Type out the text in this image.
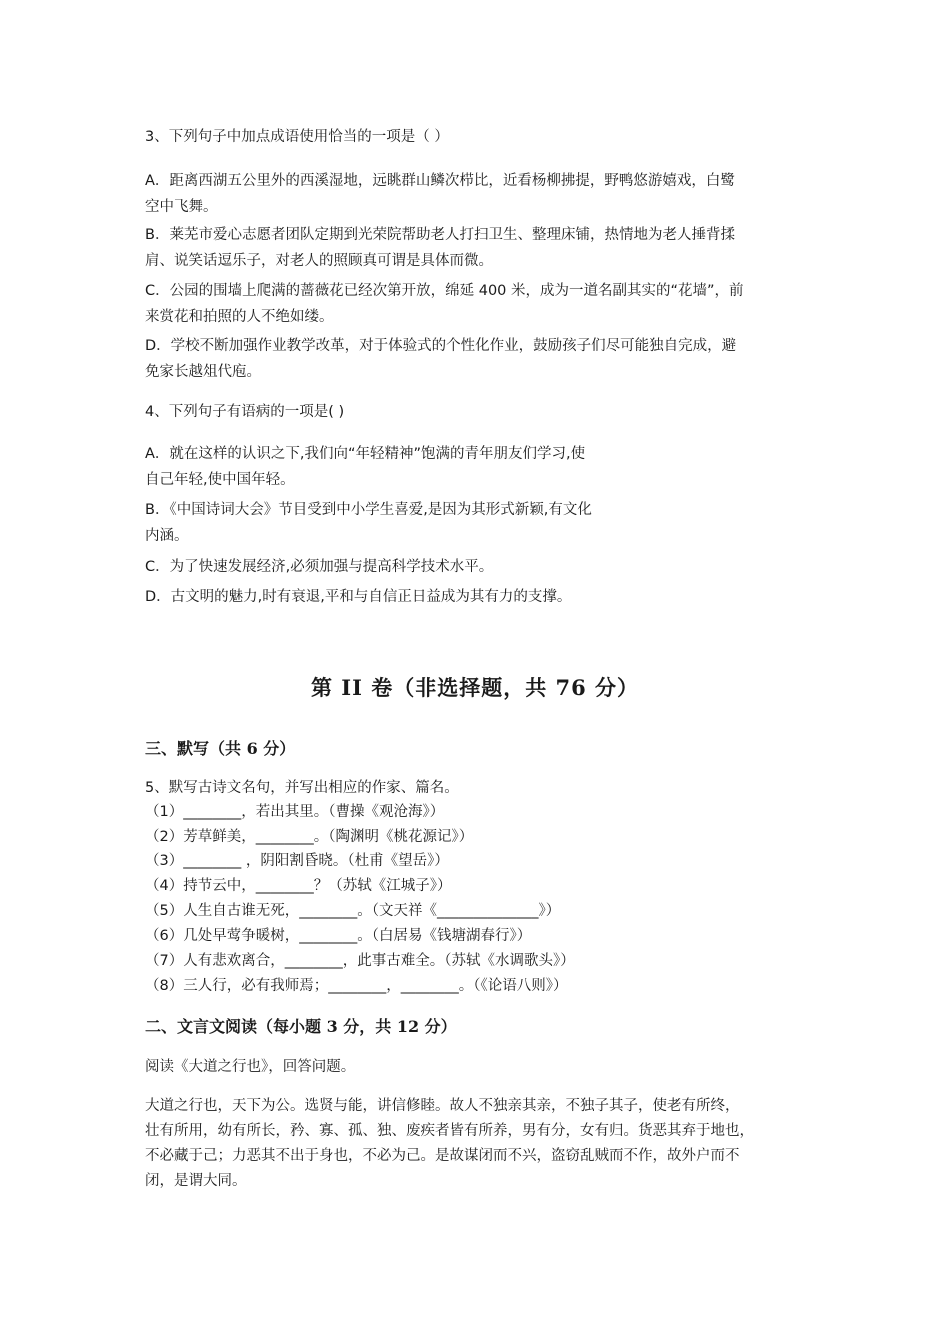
3、下列句子中加点成语使用恰当的一项是（ ）
A．距离西湖五公里外的西溪湿地，远眺群山鳞次栉比，近看杨柳拂提，野鸭悠游嬉戏，白鹭
空中飞舞。
B．莱芜市爱心志愿者团队定期到光荣院帮助老人打扫卫生、整理床铺，热情地为老人捶背揉
肩、说笑话逗乐子，对老人的照顾真可谓是具体而微。
C．公园的围墙上爬满的蔷薇花已经次第开放，绵延 400 米，成为一道名副其实的“花墙”，前
来赏花和拍照的人不绝如缕。
D．学校不断加强作业教学改革，对于体验式的个性化作业，鼓励孩子们尽可能独自完成，避
免家长越俎代庖。
4、下列句子有语病的一项是( )
A．就在这样的认识之下,我们向“年轻精神”饱满的青年朋友们学习,使
自己年轻,使中国年轻。
B．《中国诗词大会》节目受到中小学生喜爱,是因为其形式新颖,有文化
内涵。
C．为了快速发展经济,必须加强与提高科学技术水平。
D．古文明的魅力,时有衰退,平和与自信正日益成为其有力的支撑。
第 II 卷（非选择题，共 76 分）
三、默写（共 6 分）
5、默写古诗文名句，并写出相应的作家、篇名。
（1）________，若出其里。（曹操《观沧海》）
（2）芳草鲜美，________。（陶渊明《桃花源记》）
（3）________ ，阴阳割昏晓。（杜甫《望岳》）
（4）持节云中，________？（苏轼《江城子》）
（5）人生自古谁无死，________。（文天祥《______________》）
（6）几处早莺争暖树，________。（白居易《钱塘湖春行》）
（7）人有悲欢离合，________，此事古难全。（苏轼《水调歌头》）
（8）三人行，必有我师焉；________，________。（《论语八则》）
二、文言文阅读（每小题 3 分，共 12 分）
阅读《大道之行也》，回答问题。
大道之行也，天下为公。选贤与能，讲信修睦。故人不独亲其亲，不独子其子，使老有所终，
壮有所用，幼有所长，矜、寡、孤、独、废疾者皆有所养，男有分，女有归。货恶其弃于地也，
不必藏于己；力恶其不出于身也，不必为己。是故谋闭而不兴，盗窃乱贼而不作，故外户而不
闭，是谓大同。
